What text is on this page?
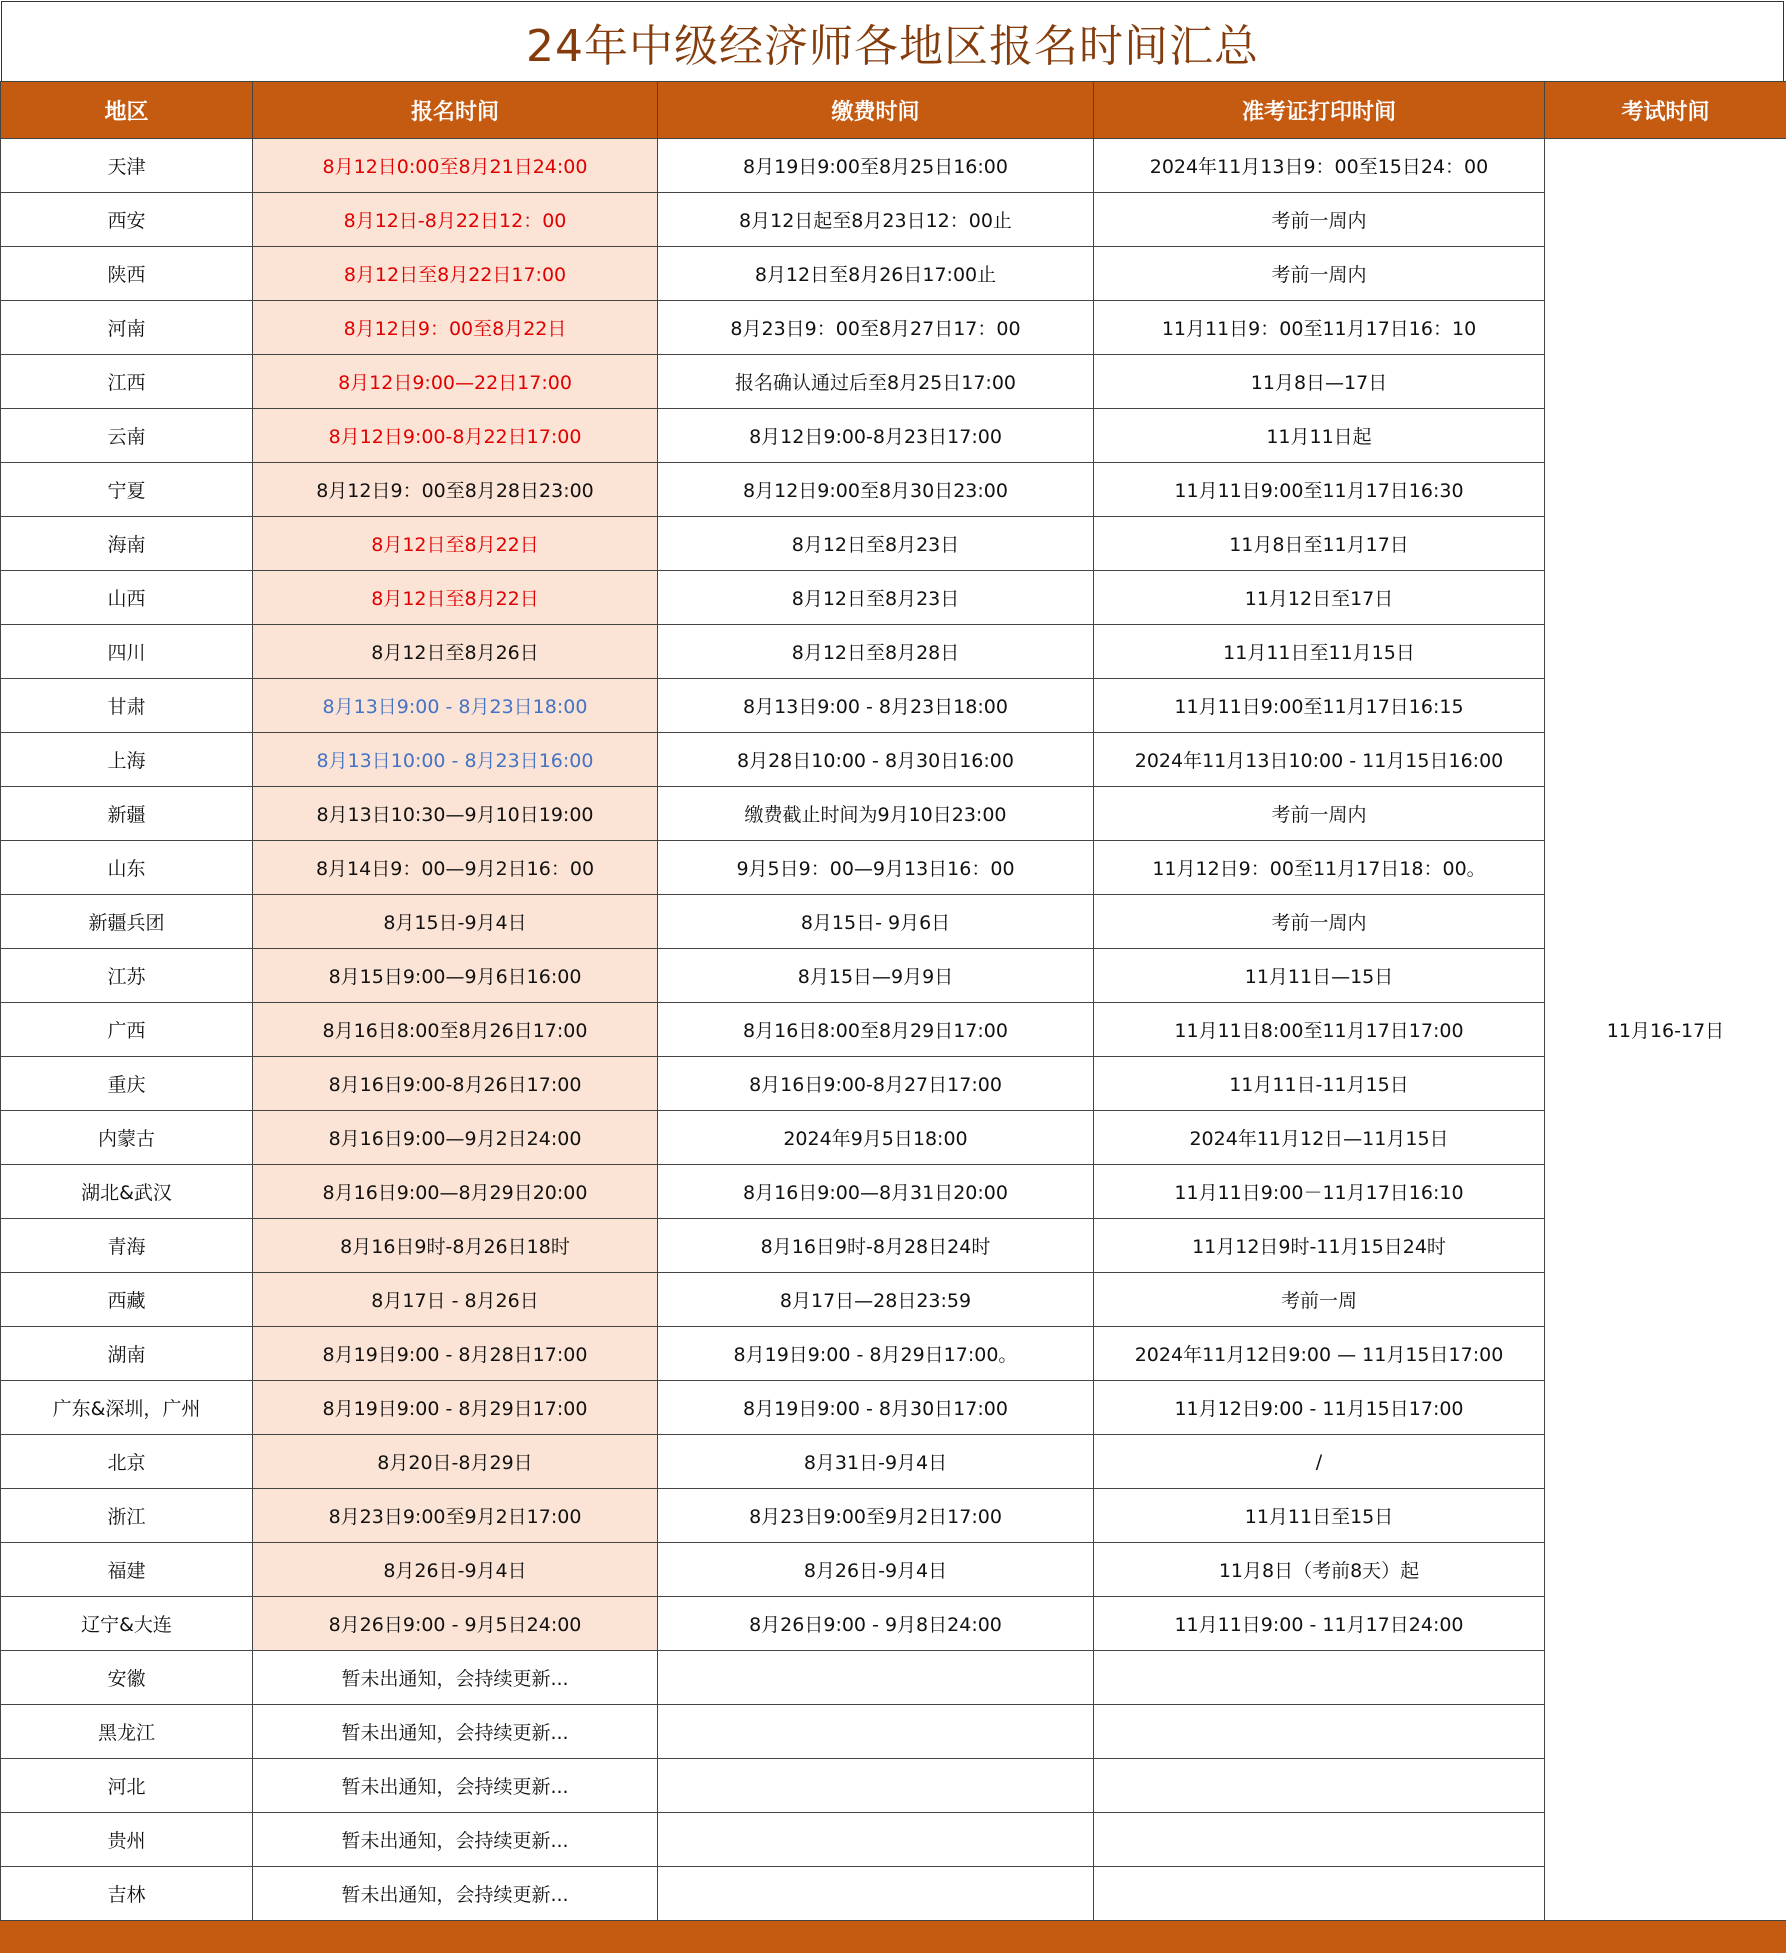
24年中级经济师各地区报名时间汇总
地区	报名时间	缴费时间	准考证打印时间	考试时间
天津	8月12日0:00至8月21日24:00	8月19日9:00至8月25日16:00	2024年11月13日9：00至15日24：00	11月16-17日
西安	8月12日-8月22日12：00	8月12日起至8月23日12：00止	考前一周内	
陕西	8月12日至8月22日17:00	8月12日至8月26日17:00止	考前一周内	
河南	8月12日9：00至8月22日	8月23日9：00至8月27日17：00	11月11日9：00至11月17日16：10	
江西	8月12日9:00—22日17:00	报名确认通过后至8月25日17:00	11月8日—17日	
云南	8月12日9:00-8月22日17:00	8月12日9:00-8月23日17:00	11月11日起	
宁夏	8月12日9：00至8月28日23:00	8月12日9:00至8月30日23:00	11月11日9:00至11月17日16:30	
海南	8月12日至8月22日	8月12日至8月23日	11月8日至11月17日	
山西	8月12日至8月22日	8月12日至8月23日	11月12日至17日	
四川	8月12日至8月26日	8月12日至8月28日	11月11日至11月15日	
甘肃	8月13日9:00 - 8月23日18:00	8月13日9:00 - 8月23日18:00	11月11日9:00至11月17日16:15	
上海	8月13日10:00 - 8月23日16:00	8月28日10:00 - 8月30日16:00	2024年11月13日10:00 - 11月15日16:00	
新疆	8月13日10:30—9月10日19:00	缴费截止时间为9月10日23:00	考前一周内	
山东	8月14日9：00—9月2日16：00	9月5日9：00—9月13日16：00	11月12日9：00至11月17日18：00。	
新疆兵团	8月15日-9月4日	8月15日- 9月6日	考前一周内	
江苏	8月15日9:00—9月6日16:00	8月15日—9月9日	11月11日—15日	
广西	8月16日8:00至8月26日17:00	8月16日8:00至8月29日17:00	11月11日8:00至11月17日17:00	
重庆	8月16日9:00-8月26日17:00	8月16日9:00-8月27日17:00	11月11日-11月15日	
内蒙古	8月16日9:00—9月2日24:00	2024年9月5日18:00	2024年11月12日—11月15日	
湖北&武汉	8月16日9:00—8月29日20:00	8月16日9:00—8月31日20:00	11月11日9:00－11月17日16:10	
青海	8月16日9时-8月26日18时	8月16日9时-8月28日24时	11月12日9时-11月15日24时	
西藏	8月17日 - 8月26日	8月17日—28日23:59	考前一周	
湖南	8月19日9:00 - 8月28日17:00	8月19日9:00 - 8月29日17:00。	2024年11月12日9:00 — 11月15日17:00	
广东&深圳，广州	8月19日9:00 - 8月29日17:00	8月19日9:00 - 8月30日17:00	11月12日9:00 - 11月15日17:00	
北京	8月20日-8月29日	8月31日-9月4日	/	
浙江	8月23日9:00至9月2日17:00	8月23日9:00至9月2日17:00	11月11日至15日	
福建	8月26日-9月4日	8月26日-9月4日	11月8日（考前8天）起	
辽宁&大连	8月26日9:00 - 9月5日24:00	8月26日9:00 - 9月8日24:00	11月11日9:00 - 11月17日24:00	
安徽	暂未出通知，会持续更新...			
黑龙江	暂未出通知，会持续更新...			
河北	暂未出通知，会持续更新...			
贵州	暂未出通知，会持续更新...			
吉林	暂未出通知，会持续更新...			
